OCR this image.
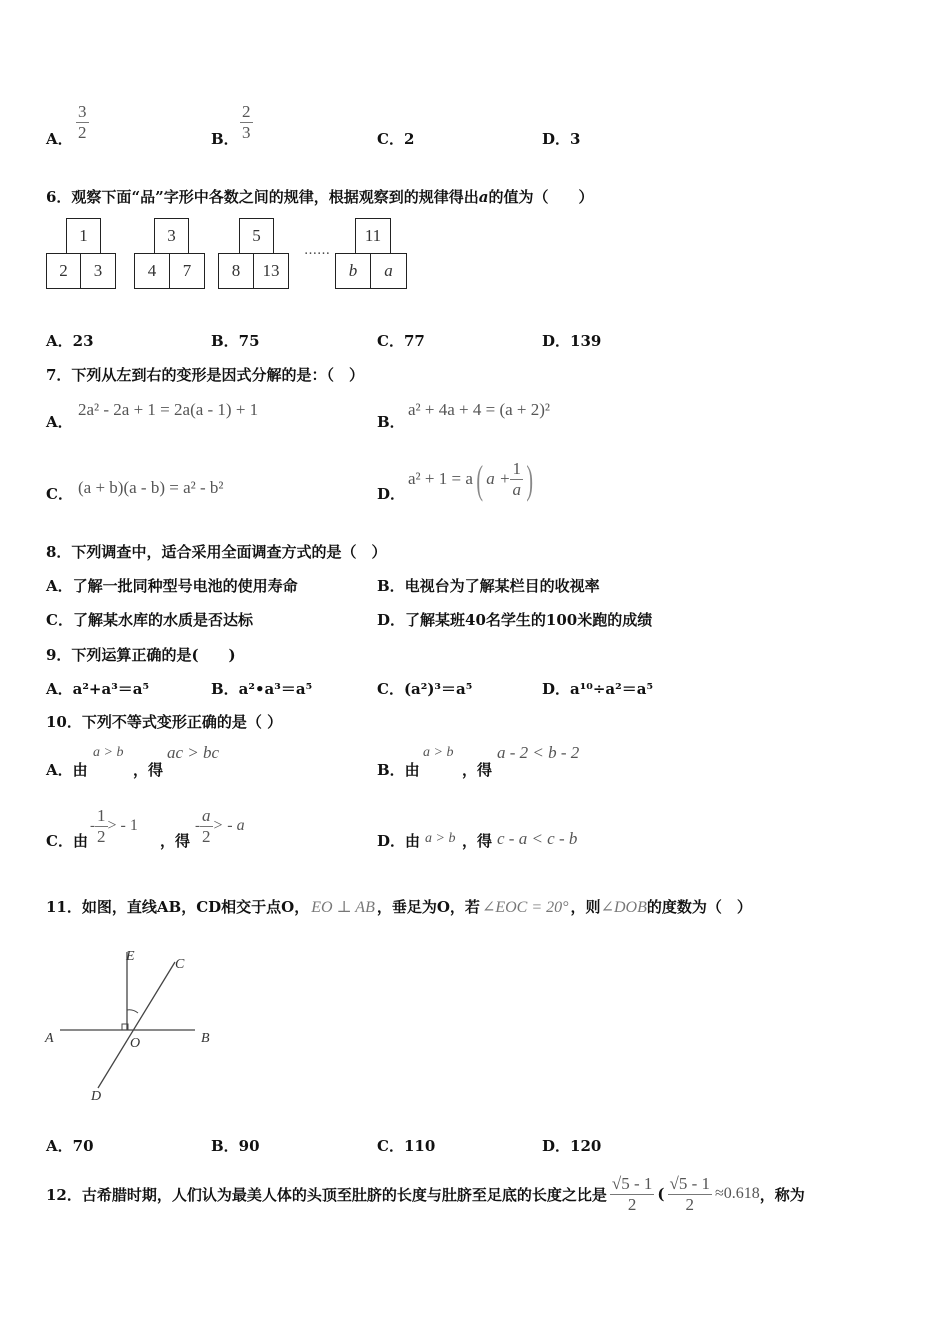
A． $\frac{3}{2}$	B． $\frac{2}{3}$	C．2	D．3
6．观察下面“品”字形中各数之间的规律，根据观察到的规律得出a的值为（　　）
1
2	3
3
4	7
5
8	13
……
11
b	a
A．23	B．75	C．77	D．139
7．下列从左到右的变形是因式分解的是：（　）
A．
2a² - 2a + 1 = 2a(a - 1) + 1
B．
a² + 4a + 4 = (a + 2)²
C． (a + b)(a - b) = a² - b²	D．
a² + 1 = a ( $a + \frac{1}{a}$ )
8．下列调查中，适合采用全面调查方式的是（　）
A．了解一批同种型号电池的使用寿命	B．电视台为了解某栏目的收视率
C．了解某水库的水质是否达标	D．了解某班40名学生的100米跑的成绩
9．下列运算正确的是(　　)
A．a²+a³＝a⁵	B．a²•a³＝a⁵	C．(a²)³＝a⁵	D．a¹⁰÷a²＝a⁵
10．下列不等式变形正确的是（ ）
A．由
a > b
，得
ac > bc
B．由
a > b
，得
a - 2 < b - 2
C．由
- $\frac{1}{2}$ > - 1
，得
- $\frac{a}{2}$ > - a
D．由 a > b ，得 c - a < c - b
11．如图，直线AB，CD相交于点O， EO ⊥ AB ，垂足为O，若 ∠EOC = 20° ，则 ∠DOB 的度数为（　）
E
C
A	O	B
D
A．70	B．90	C．110	D．120
12．古希腊时期，人们认为最美人体的头顶至肚脐的长度与肚脐至足底的长度之比是 $\frac{√5 - 1}{2}$ ( $\frac{√5 - 1}{2} \approx 0.618$ ，称为
